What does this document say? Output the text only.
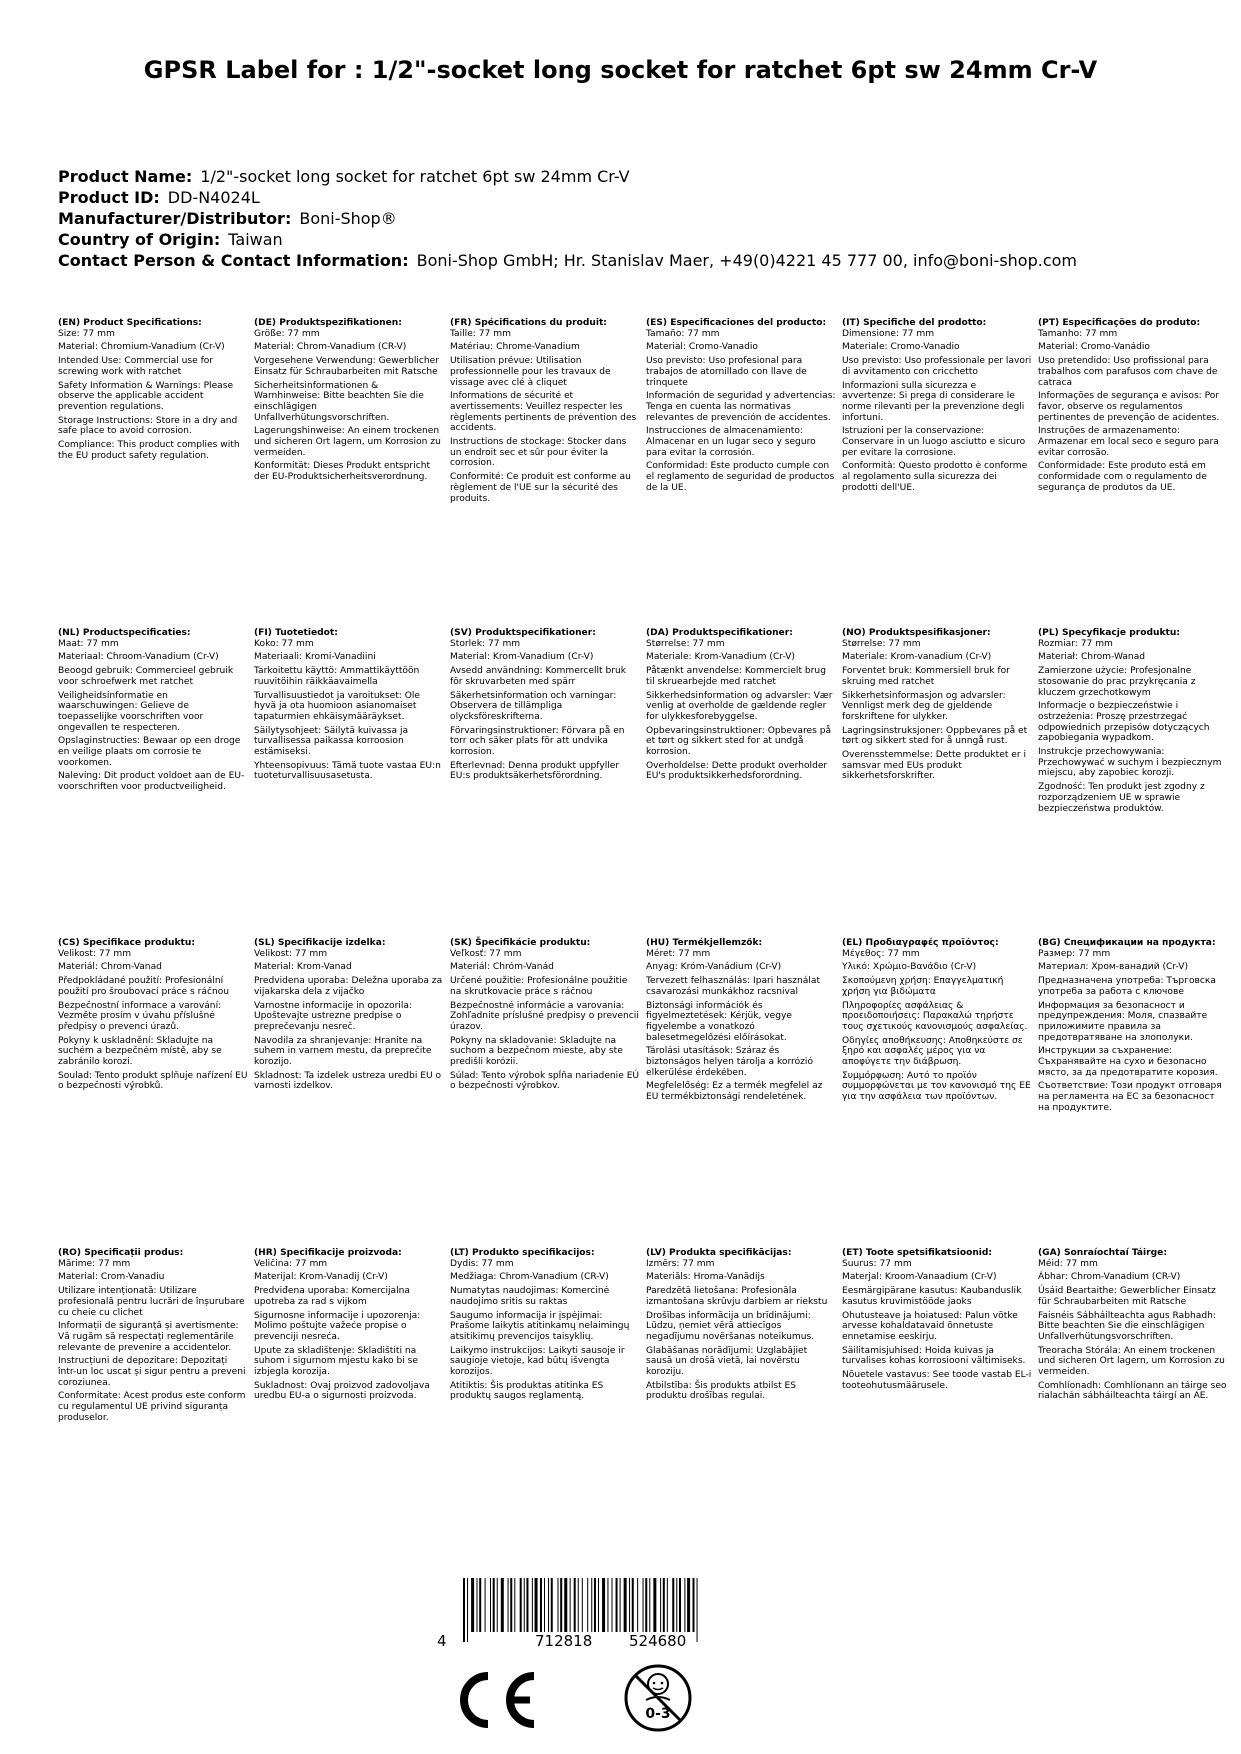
GPSR Label for : 1/2"-socket long socket for ratchet 6pt sw 24mm Cr-V
Product Name: 1/2"-socket long socket for ratchet 6pt sw 24mm Cr-V
Product ID: DD-N4024L
Manufacturer/Distributor: Boni-Shop®
Country of Origin: Taiwan
Contact Person & Contact Information: Boni-Shop GmbH; Hr. Stanislav Maer, +49(0)4221 45 777 00, info@boni-shop.com
(EN) Product Specifications:
Size: 77 mm
Material: Chromium-Vanadium (Cr-V)
Intended Use: Commercial use for screwing work with ratchet
Safety Information & Warnings: Please observe the applicable accident prevention regulations.
Storage Instructions: Store in a dry and safe place to avoid corrosion.
Compliance: This product complies with the EU product safety regulation.
(DE) Produktspezifikationen:
Größe: 77 mm
Material: Chrom-Vanadium (CR-V)
Vorgesehene Verwendung: Gewerblicher Einsatz für Schraubarbeiten mit Ratsche
Sicherheitsinformationen & Warnhinweise: Bitte beachten Sie die einschlägigen Unfallverhütungsvorschriften.
Lagerungshinweise: An einem trockenen und sicheren Ort lagern, um Korrosion zu vermeiden.
Konformität: Dieses Produkt entspricht der EU-Produktsicherheitsverordnung.
(FR) Spécifications du produit:
Taille: 77 mm
Matériau: Chrome-Vanadium
Utilisation prévue: Utilisation professionnelle pour les travaux de vissage avec clé à cliquet
Informations de sécurité et avertissements: Veuillez respecter les règlements pertinents de prévention des accidents.
Instructions de stockage: Stocker dans un endroit sec et sûr pour éviter la corrosion.
Conformité: Ce produit est conforme au règlement de l'UE sur la sécurité des produits.
(ES) Especificaciones del producto:
Tamaño: 77 mm
Material: Cromo-Vanadio
Uso previsto: Uso profesional para trabajos de atornillado con llave de trinquete
Información de seguridad y advertencias: Tenga en cuenta las normativas relevantes de prevención de accidentes.
Instrucciones de almacenamiento: Almacenar en un lugar seco y seguro para evitar la corrosión.
Conformidad: Este producto cumple con el reglamento de seguridad de productos de la UE.
(IT) Specifiche del prodotto:
Dimensione: 77 mm
Materiale: Cromo-Vanadio
Uso previsto: Uso professionale per lavori di avvitamento con cricchetto
Informazioni sulla sicurezza e avvertenze: Si prega di considerare le norme rilevanti per la prevenzione degli infortuni.
Istruzioni per la conservazione: Conservare in un luogo asciutto e sicuro per evitare la corrosione.
Conformità: Questo prodotto è conforme al regolamento sulla sicurezza dei prodotti dell'UE.
(PT) Especificações do produto:
Tamanho: 77 mm
Material: Cromo-Vanádio
Uso pretendido: Uso profissional para trabalhos com parafusos com chave de catraca
Informações de segurança e avisos: Por favor, observe os regulamentos pertinentes de prevenção de acidentes.
Instruções de armazenamento: Armazenar em local seco e seguro para evitar corrosão.
Conformidade: Este produto está em conformidade com o regulamento de segurança de produtos da UE.
(NL) Productspecificaties:
Maat: 77 mm
Materiaal: Chroom-Vanadium (Cr-V)
Beoogd gebruik: Commercieel gebruik voor schroefwerk met ratchet
Veiligheidsinformatie en waarschuwingen: Gelieve de toepasselijke voorschriften voor ongevallen te respecteren.
Opslaginstructies: Bewaar op een droge en veilige plaats om corrosie te voorkomen.
Naleving: Dit product voldoet aan de EU-voorschriften voor productveiligheid.
(FI) Tuotetiedot:
Koko: 77 mm
Materiaali: Kromi-Vanadiini
Tarkoitettu käyttö: Ammattikäyttöön ruuvitöihin räikkäavaimella
Turvallisuustiedot ja varoitukset: Ole hyvä ja ota huomioon asianomaiset tapaturmien ehkäisymääräykset.
Säilytysohjeet: Säilytä kuivassa ja turvallisessa paikassa korroosion estämiseksi.
Yhteensopivuus: Tämä tuote vastaa EU:n tuoteturvallisuusasetusta.
(SV) Produktspecifikationer:
Storlek: 77 mm
Material: Krom-Vanadium (Cr-V)
Avsedd användning: Kommercellt bruk för skruvarbeten med spärr
Säkerhetsinformation och varningar: Observera de tillämpliga olycksföreskrifterna.
Förvaringsinstruktioner: Förvara på en torr och säker plats för att undvika korrosion.
Efterlevnad: Denna produkt uppfyller EU:s produktsäkerhetsförordning.
(DA) Produktspecifikationer:
Størrelse: 77 mm
Materiale: Krom-Vanadium (Cr-V)
Påtænkt anvendelse: Kommercielt brug til skruearbejde med ratchet
Sikkerhedsinformation og advarsler: Vær venlig at overholde de gældende regler for ulykkesforebyggelse.
Opbevaringsinstruktioner: Opbevares på et tørt og sikkert sted for at undgå korrosion.
Overholdelse: Dette produkt overholder EU's produktsikkerhedsforordning.
(NO) Produktspesifikasjoner:
Størrelse: 77 mm
Materiale: Krom-vanadium (Cr-V)
Forventet bruk: Kommersiell bruk for skruing med ratchet
Sikkerhetsinformasjon og advarsler: Vennligst merk deg de gjeldende forskriftene for ulykker.
Lagringsinstruksjoner: Oppbevares på et tørt og sikkert sted for å unngå rust.
Overensstemmelse: Dette produktet er i samsvar med EUs produkt sikkerhetsforskrifter.
(PL) Specyfikacje produktu:
Rozmiar: 77 mm
Materiał: Chrom-Wanad
Zamierzone użycie: Profesjonalne stosowanie do prac przykręcania z kluczem grzechotkowym
Informacje o bezpieczeństwie i ostrzeżenia: Proszę przestrzegać odpowiednich przepisów dotyczących zapobiegania wypadkom.
Instrukcje przechowywania: Przechowywać w suchym i bezpiecznym miejscu, aby zapobiec korozji.
Zgodność: Ten produkt jest zgodny z rozporządzeniem UE w sprawie bezpieczeństwa produktów.
(CS) Specifikace produktu:
Velikost: 77 mm
Materiál: Chrom-Vanad
Předpokládané použití: Profesionální použití pro šroubovací práce s ráčnou
Bezpečnostní informace a varování: Vezměte prosím v úvahu příslušné předpisy o prevenci úrazů.
Pokyny k uskladnění: Skladujte na suchém a bezpečném místě, aby se zabránilo korozi.
Soulad: Tento produkt splňuje nařízení EU o bezpečnosti výrobků.
(SL) Specifikacije izdelka:
Velikost: 77 mm
Material: Krom-Vanad
Predvidena uporaba: Deležna uporaba za vijakarska dela z vijačko
Varnostne informacije in opozorila: Upoštevajte ustrezne predpise o preprečevanju nesreč.
Navodila za shranjevanje: Hranite na suhem in varnem mestu, da preprečite korozijo.
Skladnost: Ta izdelek ustreza uredbi EU o varnosti izdelkov.
(SK) Špecifikácie produktu:
Veľkosť: 77 mm
Materiál: Chróm-Vanád
Určené použitie: Profesionálne použitie na skrutkovacie práce s ráčnou
Bezpečnostné informácie a varovania: Zohľadnite príslušné predpisy o prevencii úrazov.
Pokyny na skladovanie: Skladujte na suchom a bezpečnom mieste, aby ste predišli korózii.
Súlad: Tento výrobok spĺňa nariadenie EÚ o bezpečnosti výrobkov.
(HU) Termékjellemzők:
Méret: 77 mm
Anyag: Króm-Vanádium (Cr-V)
Tervezett felhasználás: Ipari használat csavarozási munkákhoz racsnival
Biztonsági információk és figyelmeztetések: Kérjük, vegye figyelembe a vonatkozó balesetmegelőzési előírásokat.
Tárolási utasítások: Száraz és biztonságos helyen tárolja a korrózió elkerülése érdekében.
Megfelelőség: Ez a termék megfelel az EU termékbiztonsági rendeletének.
(EL) Προδιαγραφές προϊόντος:
Μέγεθος: 77 mm
Υλικό: Χρώμιο-Βανάδιο (Cr-V)
Σκοπούμενη χρήση: Επαγγελματική χρήση για βιδώματα
Πληροφορίες ασφάλειας & προειδοποιήσεις: Παρακαλώ τηρήστε τους σχετικούς κανονισμούς ασφαλείας.
Οδηγίες αποθήκευσης: Αποθηκεύστε σε ξηρό και ασφαλές μέρος για να αποφύγετε την διάβρωση.
Συμμόρφωση: Αυτό το προϊόν συμμορφώνεται με τον κανονισμό της ΕΕ για την ασφάλεια των προϊόντων.
(BG) Спецификации на продукта:
Размер: 77 mm
Материал: Хром-ванадий (Cr-V)
Предназначена употреба: Търговска употреба за работа с ключове
Информация за безопасност и предупреждения: Моля, спазвайте приложимите правила за предотвратяване на злополуки.
Инструкции за съхранение: Съхранявайте на сухо и безопасно място, за да предотвратите корозия.
Съответствие: Този продукт отговаря на регламента на ЕС за безопасност на продуктите.
(RO) Specificații produs:
Mărime: 77 mm
Material: Crom-Vanadiu
Utilizare intenționată: Utilizare profesională pentru lucrări de înșurubare cu cheie cu clichet
Informații de siguranță și avertismente: Vă rugăm să respectați reglementările relevante de prevenire a accidentelor.
Instrucțiuni de depozitare: Depozitați într-un loc uscat și sigur pentru a preveni coroziunea.
Conformitate: Acest produs este conform cu regulamentul UE privind siguranța produselor.
(HR) Specifikacije proizvoda:
Veličina: 77 mm
Materijal: Krom-Vanadij (Cr-V)
Predviđena uporaba: Komercijalna upotreba za rad s vijkom
Sigurnosne informacije i upozorenja: Molimo poštujte važeće propise o prevenciji nesreća.
Upute za skladištenje: Skladištiti na suhom i sigurnom mjestu kako bi se izbjegla korozija.
Sukladnost: Ovaj proizvod zadovoljava uredbu EU-a o sigurnosti proizvoda.
(LT) Produkto specifikacijos:
Dydis: 77 mm
Medžiaga: Chrom-Vanadium (CR-V)
Numatytas naudojimas: Komercinė naudojimo sritis su raktas
Saugumo informacija ir įspėjimai: Prašome laikytis atitinkamų nelaimingų atsitikimų prevencijos taisyklių.
Laikymo instrukcijos: Laikyti sausoje ir saugioje vietoje, kad būtų išvengta korozijos.
Atitiktis: Šis produktas atitinka ES produktų saugos reglamentą.
(LV) Produkta specifikācijas:
Izmērs: 77 mm
Materiāls: Hroma-Vanādijs
Paredzētā lietošana: Profesionāla izmantošana skrūvju darbiem ar riekstu
Drošības informācija un brīdinājumi: Lūdzu, ņemiet vērā attiecīgos negadījumu novēršanas noteikumus.
Glabāšanas norādījumi: Uzglabājiet sausā un drošā vietā, lai novērstu koroziju.
Atbilstība: Šis produkts atbilst ES produktu drošības regulai.
(ET) Toote spetsifikatsioonid:
Suurus: 77 mm
Materjal: Kroom-Vanaadium (Cr-V)
Eesmärgipärane kasutus: Kaubanduslik kasutus kruvimistööde jaoks
Ohutusteave ja hoiatused: Palun võtke arvesse kohaldatavaid õnnetuste ennetamise eeskirju.
Säilitamisjuhised: Hoida kuivas ja turvalises kohas korrosiooni vältimiseks.
Nõuetele vastavus: See toode vastab EL-i tooteohutusmäärusele.
(GA) Sonraíochtaí Táirge:
Méid: 77 mm
Ábhar: Chrom-Vanadium (CR-V)
Úsáid Beartaithe: Gewerblicher Einsatz für Schraubarbeiten mit Ratsche
Faisnéis Sábháilteachta agus Rabhadh: Bitte beachten Sie die einschlägigen Unfallverhütungsvorschriften.
Treoracha Stórála: An einem trockenen und sicheren Ort lagern, um Korrosion zu vermeiden.
Comhlíonadh: Comhlíonann an táirge seo rialachán sábháilteachta táirgí an AE.
4	712818 524680
0-3
